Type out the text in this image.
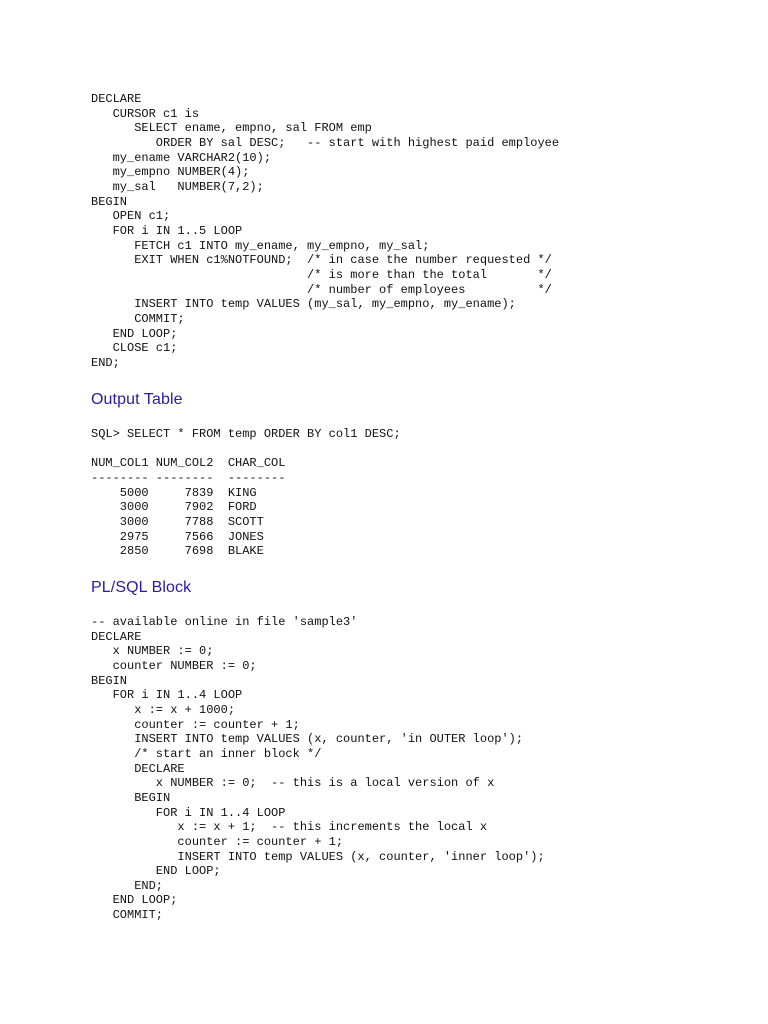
DECLARE
CURSOR c1 is
SELECT ename, empno, sal FROM emp
ORDER BY sal DESC;   -- start with highest paid employee
my_ename VARCHAR2(10);
my_empno NUMBER(4);
my_sal   NUMBER(7,2);
BEGIN
OPEN c1;
FOR i IN 1..5 LOOP
FETCH c1 INTO my_ename, my_empno, my_sal;
EXIT WHEN c1%NOTFOUND;  /* in case the number requested */
/* is more than the total       */
/* number of employees          */
INSERT INTO temp VALUES (my_sal, my_empno, my_ename);
COMMIT;
END LOOP;
CLOSE c1;
END;
Output Table
SQL> SELECT * FROM temp ORDER BY col1 DESC;

NUM_COL1 NUM_COL2  CHAR_COL
-------- --------  --------
5000     7839  KING
3000     7902  FORD
3000     7788  SCOTT
2975     7566  JONES
2850     7698  BLAKE
PL/SQL Block
-- available online in file 'sample3'
DECLARE
x NUMBER := 0;
counter NUMBER := 0;
BEGIN
FOR i IN 1..4 LOOP
x := x + 1000;
counter := counter + 1;
INSERT INTO temp VALUES (x, counter, 'in OUTER loop');
/* start an inner block */
DECLARE
x NUMBER := 0;  -- this is a local version of x
BEGIN
FOR i IN 1..4 LOOP
x := x + 1;  -- this increments the local x
counter := counter + 1;
INSERT INTO temp VALUES (x, counter, 'inner loop');
END LOOP;
END;
END LOOP;
COMMIT;
